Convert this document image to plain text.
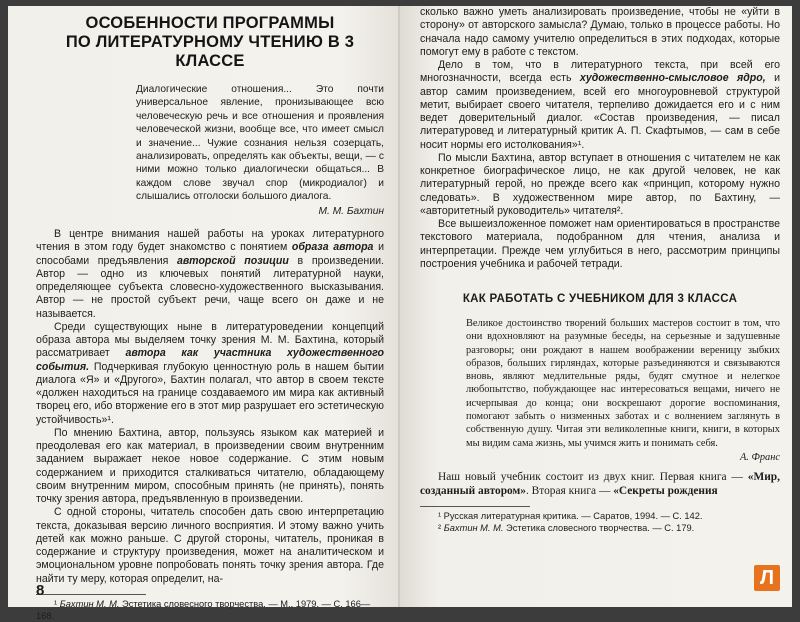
ОСОБЕННОСТИ ПРОГРАММЫ
ПО ЛИТЕРАТУРНОМУ ЧТЕНИЮ В 3 КЛАССЕ
Диалогические отношения... Это почти универсальное явление, пронизывающее всю человеческую речь и все отношения и проявления человеческой жизни, вообще все, что имеет смысл и значение... Чужие сознания нельзя созерцать, анализировать, определять как объекты, вещи, — с ними можно только диалогически общаться... В каждом слове звучал спор (микродиалог) и слышались отголоски большого диалога.
М. М. Бахтин

В центре внимания нашей работы на уроках литературного чтения в этом году будет знакомство с понятием образа автора и способами предъявления авторской позиции в произведении. Автор — одно из ключевых понятий литературной науки, определяющее субъекта словесно-художественного высказывания. Автор — не простой субъект речи, чаще всего он даже и не называется.

Среди существующих ныне в литературоведении концепций образа автора мы выделяем точку зрения М. М. Бахтина, который рассматривает автора как участника художественного события. Подчеркивая глубокую ценностную роль в нашем бытии диалога «Я» и «Другого», Бахтин полагал, что автор в своем тексте «должен находиться на границе создаваемого им мира как активный творец его, ибо вторжение его в этот мир разрушает его эстетическую устойчивость»¹.

По мнению Бахтина, автор, пользуясь языком как материей и преодолевая его как материал, в произведении своим внутренним заданием выражает некое новое содержание. С этим новым содержанием и приходится сталкиваться читателю, обладающему своим внутренним миром, способным принять (не принять), понять точку зрения автора, предъявленную в произведении.

С одной стороны, читатель способен дать свою интерпретацию текста, доказывая версию личного восприятия. И этому важно учить детей как можно раньше. С другой стороны, читатель, проникая в содержание и структуру произведения, может на аналитическом и эмоциональном уровне попробовать понять точку зрения автора. Где найти ту меру, которая определит, на-

¹ Бахтин М. М. Эстетика словесного творчества. — М., 1979. — С. 166—168.

8

сколько важно уметь анализировать произведение, чтобы не «уйти в сторону» от авторского замысла? Думаю, только в процессе работы. Но сначала надо самому учителю определиться в этих подходах, которые помогут ему в работе с текстом.

Дело в том, что в литературного текста, при всей его многозначности, всегда есть художественно-смысловое ядро, и автор самим произведением, всей его многоуровневой структурой метит, выбирает своего читателя, терпеливо дожидается его и с ним ведет доверительный диалог. «Состав произведения, — писал литературовед и литературный критик А. П. Скафтымов, — сам в себе носит нормы его истолкования»¹.

По мысли Бахтина, автор вступает в отношения с читателем не как конкретное биографическое лицо, не как другой человек, не как литературный герой, но прежде всего как «принцип, которому нужно следовать». В художественном мире автор, по Бахтину, — «авторитетный руководитель» читателя².

Все вышеизложенное поможет нам ориентироваться в пространстве текстового материала, подобранном для чтения, анализа и интерпретации. Прежде чем углубиться в него, рассмотрим принципы построения учебника и рабочей тетради.

КАК РАБОТАТЬ С УЧЕБНИКОМ ДЛЯ 3 КЛАССА
Великое достоинство творений больших мастеров состоит в том, что они вдохновляют на разумные беседы, на серьезные и задушевные разговоры; они рождают в нашем воображении вереницу зыбких образов, больших гирляндах, которые разъединяются и связываются вновь, являют медлительные ряды, будят смутное и нелегкое любопытство, побуждающее нас интересоваться вещами, ничего не исчерпывая до конца; они воскрешают дорогие воспоминания, помогают забыть о низменных заботах и с волнением заглянуть в собственную душу. Читая эти великолепные книги, книги, в которых мы видим сама жизнь, мы учимся жить и понимать себя.
А. Франс

Наш новый учебник состоит из двух книг. Первая книга — «Мир, созданный автором». Вторая книга — «Секреты рождения

¹ Русская литературная критика. — Саратов, 1994. — С. 142.

² Бахтин М. М. Эстетика словесного творчества. — С. 179.

Л
